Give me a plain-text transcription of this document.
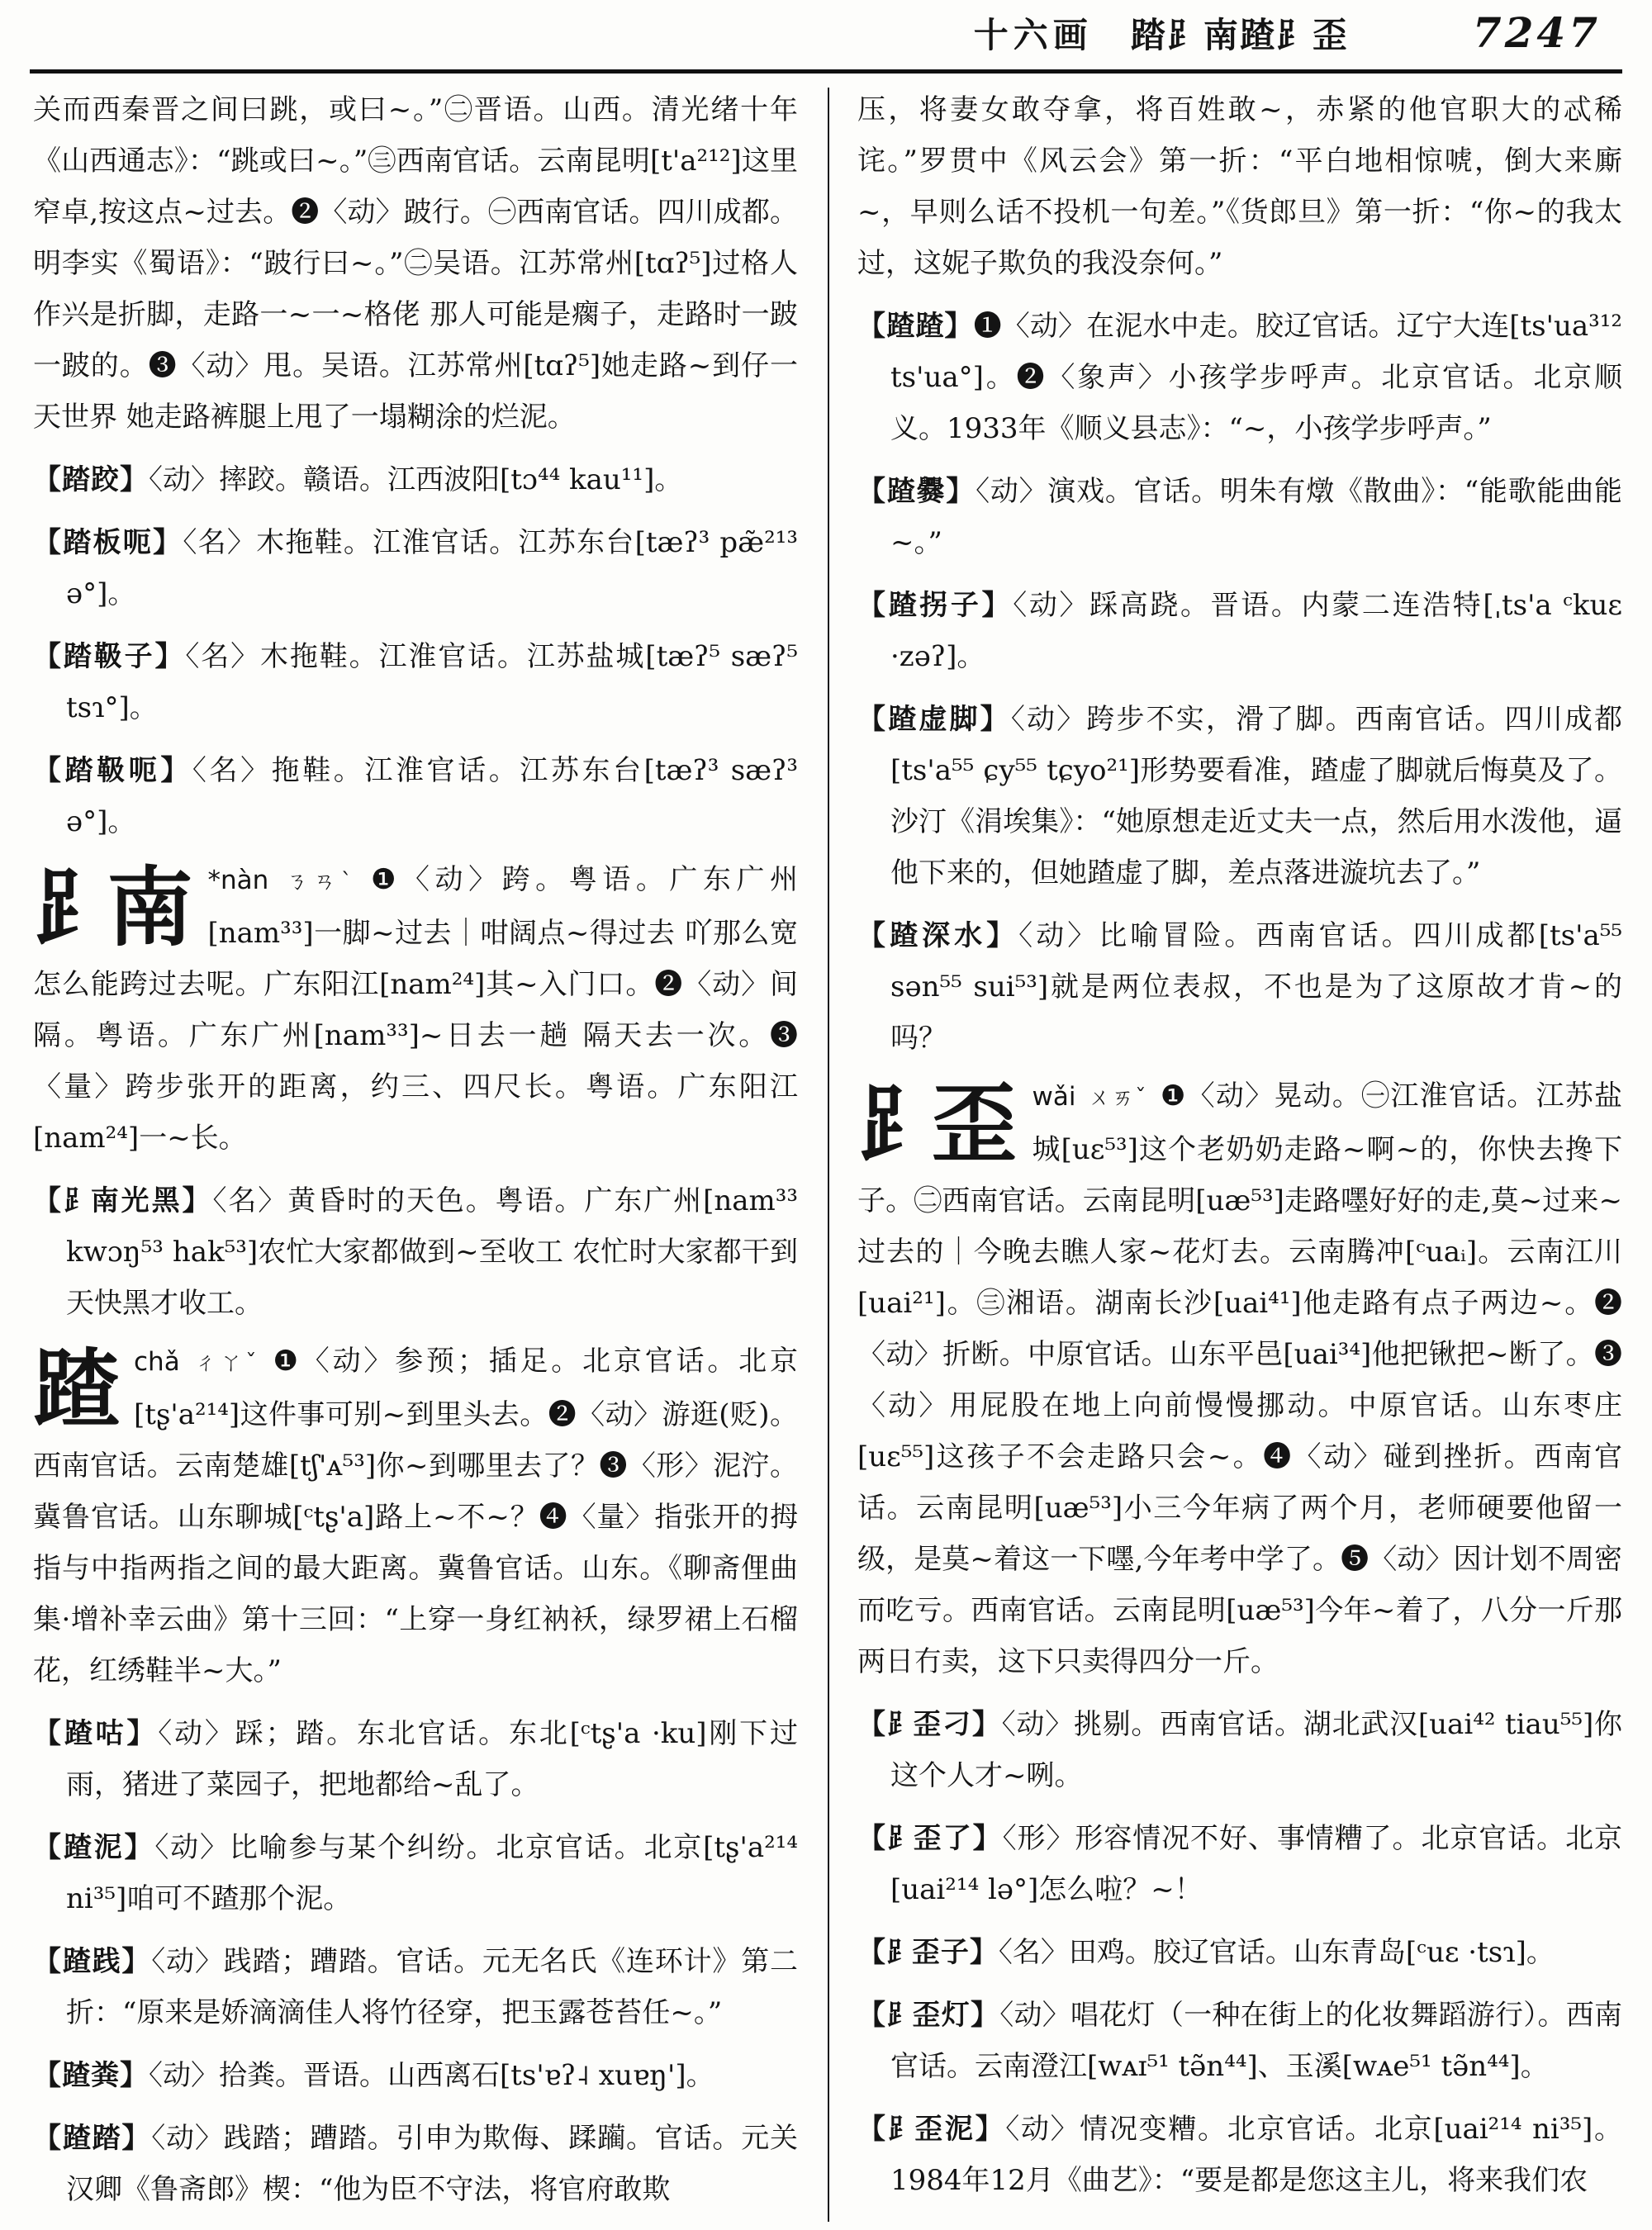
十六画 踏⻊南蹅⻊歪	7247

关而西秦晋之间曰跳，或曰~。”㊁晋语。山西。清光绪十年《山西通志》：“跳或曰~。”㊂西南官话。云南昆明[t'a²¹²]这里窄卓,按这点~过去。❷〈动〉跛行。㊀西南官话。四川成都。明李实《蜀语》：“跛行曰~。”㊁吴语。江苏常州[tɑʔ⁵]过格人作兴是折脚，走路一~一~格佬 那人可能是瘸子，走路时一跛一跛的。❸〈动〉甩。吴语。江苏常州[tɑʔ⁵]她走路~到仔一天世界 她走路裤腿上甩了一塌糊涂的烂泥。

【踏跤】〈动〉摔跤。赣语。江西波阳[tɔ⁴⁴ kau¹¹]。

【踏板呃】〈名〉木拖鞋。江淮官话。江苏东台[tæʔ³ pæ̃²¹³ ə°]。

【踏靸子】〈名〉木拖鞋。江淮官话。江苏盐城[tæʔ⁵ sæʔ⁵ tsɿ°]。

【踏靸呃】〈名〉拖鞋。江淮官话。江苏东台[tæʔ³ sæʔ³ ə°]。

⻊南 *nàn ㄋㄢˋ ❶〈动〉跨。粤语。广东广州[nam³³]一脚~过去｜咁阔点~得过去 吖那么宽怎么能跨过去呢。广东阳江[nam²⁴]其~入门口。❷〈动〉间隔。粤语。广东广州[nam³³]~日去一趟 隔天去一次。❸〈量〉跨步张开的距离，约三、四尺长。粤语。广东阳江[nam²⁴]一~长。

【⻊南光黑】〈名〉黄昏时的天色。粤语。广东广州[nam³³ kwɔŋ⁵³ hak⁵³]农忙大家都做到~至收工 农忙时大家都干到天快黑才收工。

蹅chǎ ㄔㄚˇ ❶〈动〉参预；插足。北京官话。北京[tʂ'a²¹⁴]这件事可别~到里头去。❷〈动〉游逛(贬)。西南官话。云南楚雄[tʃ'ᴀ⁵³]你~到哪里去了？❸〈形〉泥泞。冀鲁官话。山东聊城[ᶜtʂ'a]路上~不~？❹〈量〉指张开的拇指与中指两指之间的最大距离。冀鲁官话。山东。《聊斋俚曲集·增补幸云曲》第十三回：“上穿一身红衲袄，绿罗裙上石榴花，红绣鞋半~大。”

【蹅咕】〈动〉踩；踏。东北官话。东北[ᶜtʂ'a ·ku]刚下过雨，猪进了菜园子，把地都给~乱了。

【蹅泥】〈动〉比喻参与某个纠纷。北京官话。北京[tʂ'a²¹⁴ ni³⁵]咱可不蹅那个泥。

【蹅践】〈动〉践踏；蹧踏。官话。元无名氏《连环计》第二折：“原来是娇滴滴佳人将竹径穿，把玉露苍苔任~。”

【蹅粪】〈动〉拾粪。晋语。山西离石[ts'ɐʔ˨ xuɐŋ']。

【蹅踏】〈动〉践踏；蹧踏。引申为欺侮、蹂躏。官话。元关汉卿《鲁斋郎》楔：“他为臣不守法，将官府敢欺

压，将妻女敢夺拿，将百姓敢~，赤紧的他官职大的忒稀诧。”罗贯中《风云会》第一折：“平白地相惊唬，倒大来廝~，早则么话不投机一句差。”《货郎旦》第一折：“你~的我太过，这妮子欺负的我没奈何。”

【蹅蹅】❶〈动〉在泥水中走。胶辽官话。辽宁大连[ts'ua³¹² ts'ua°]。❷〈象声〉小孩学步呼声。北京官话。北京顺义。1933年《顺义县志》：“~，小孩学步呼声。”

【蹅爨】〈动〉演戏。官话。明朱有燉《散曲》：“能歌能曲能~。”

【蹅拐子】〈动〉踩高跷。晋语。内蒙二连浩特[ˌts'a ᶜkuɛ ·zəʔ]。

【蹅虚脚】〈动〉跨步不实，滑了脚。西南官话。四川成都[ts'a⁵⁵ ɕy⁵⁵ tɕyo²¹]形势要看准，蹅虚了脚就后悔莫及了。沙汀《涓埃集》：“她原想走近丈夫一点，然后用水泼他，逼他下来的，但她蹅虚了脚，差点落进漩坑去了。”

【蹅深水】〈动〉比喻冒险。西南官话。四川成都[ts'a⁵⁵ sən⁵⁵ sui⁵³]就是两位表叔，不也是为了这原故才肯~的吗？

⻊歪 wǎi ㄨㄞˇ ❶〈动〉晃动。㊀江淮官话。江苏盐城[uɛ⁵³]这个老奶奶走路~啊~的，你快去搀下子。㊁西南官话。云南昆明[uæ⁵³]走路嚜好好的走,莫~过来~过去的｜今晚去瞧人家~花灯去。云南腾冲[ᶜuaᵢ]。云南江川[uai²¹]。㊂湘语。湖南长沙[uai⁴¹]他走路有点子两边~。❷〈动〉折断。中原官话。山东平邑[uai³⁴]他把锹把~断了。❸〈动〉用屁股在地上向前慢慢挪动。中原官话。山东枣庄[uɛ⁵⁵]这孩子不会走路只会~。❹〈动〉碰到挫折。西南官话。云南昆明[uæ⁵³]小三今年病了两个月，老师硬要他留一级，是莫~着这一下嚜,今年考中学了。❺〈动〉因计划不周密而吃亏。西南官话。云南昆明[uæ⁵³]今年~着了，八分一斤那两日冇卖，这下只卖得四分一斤。

【⻊歪刁】〈动〉挑剔。西南官话。湖北武汉[uai⁴² tiau⁵⁵]你这个人才~咧。

【⻊歪了】〈形〉形容情况不好、事情糟了。北京官话。北京[uai²¹⁴ lə°]怎么啦？~！

【⻊歪子】〈名〉田鸡。胶辽官话。山东青岛[ᶜuɛ ·tsɿ]。

【⻊歪灯】〈动〉唱花灯（一种在街上的化妆舞蹈游行）。西南官话。云南澄江[wᴀɪ⁵¹ tə̃n⁴⁴]、玉溪[wᴀe⁵¹ tə̃n⁴⁴]。

【⻊歪泥】〈动〉情况变糟。北京官话。北京[uai²¹⁴ ni³⁵]。1984年12月《曲艺》：“要是都是您这主儿，将来我们农
